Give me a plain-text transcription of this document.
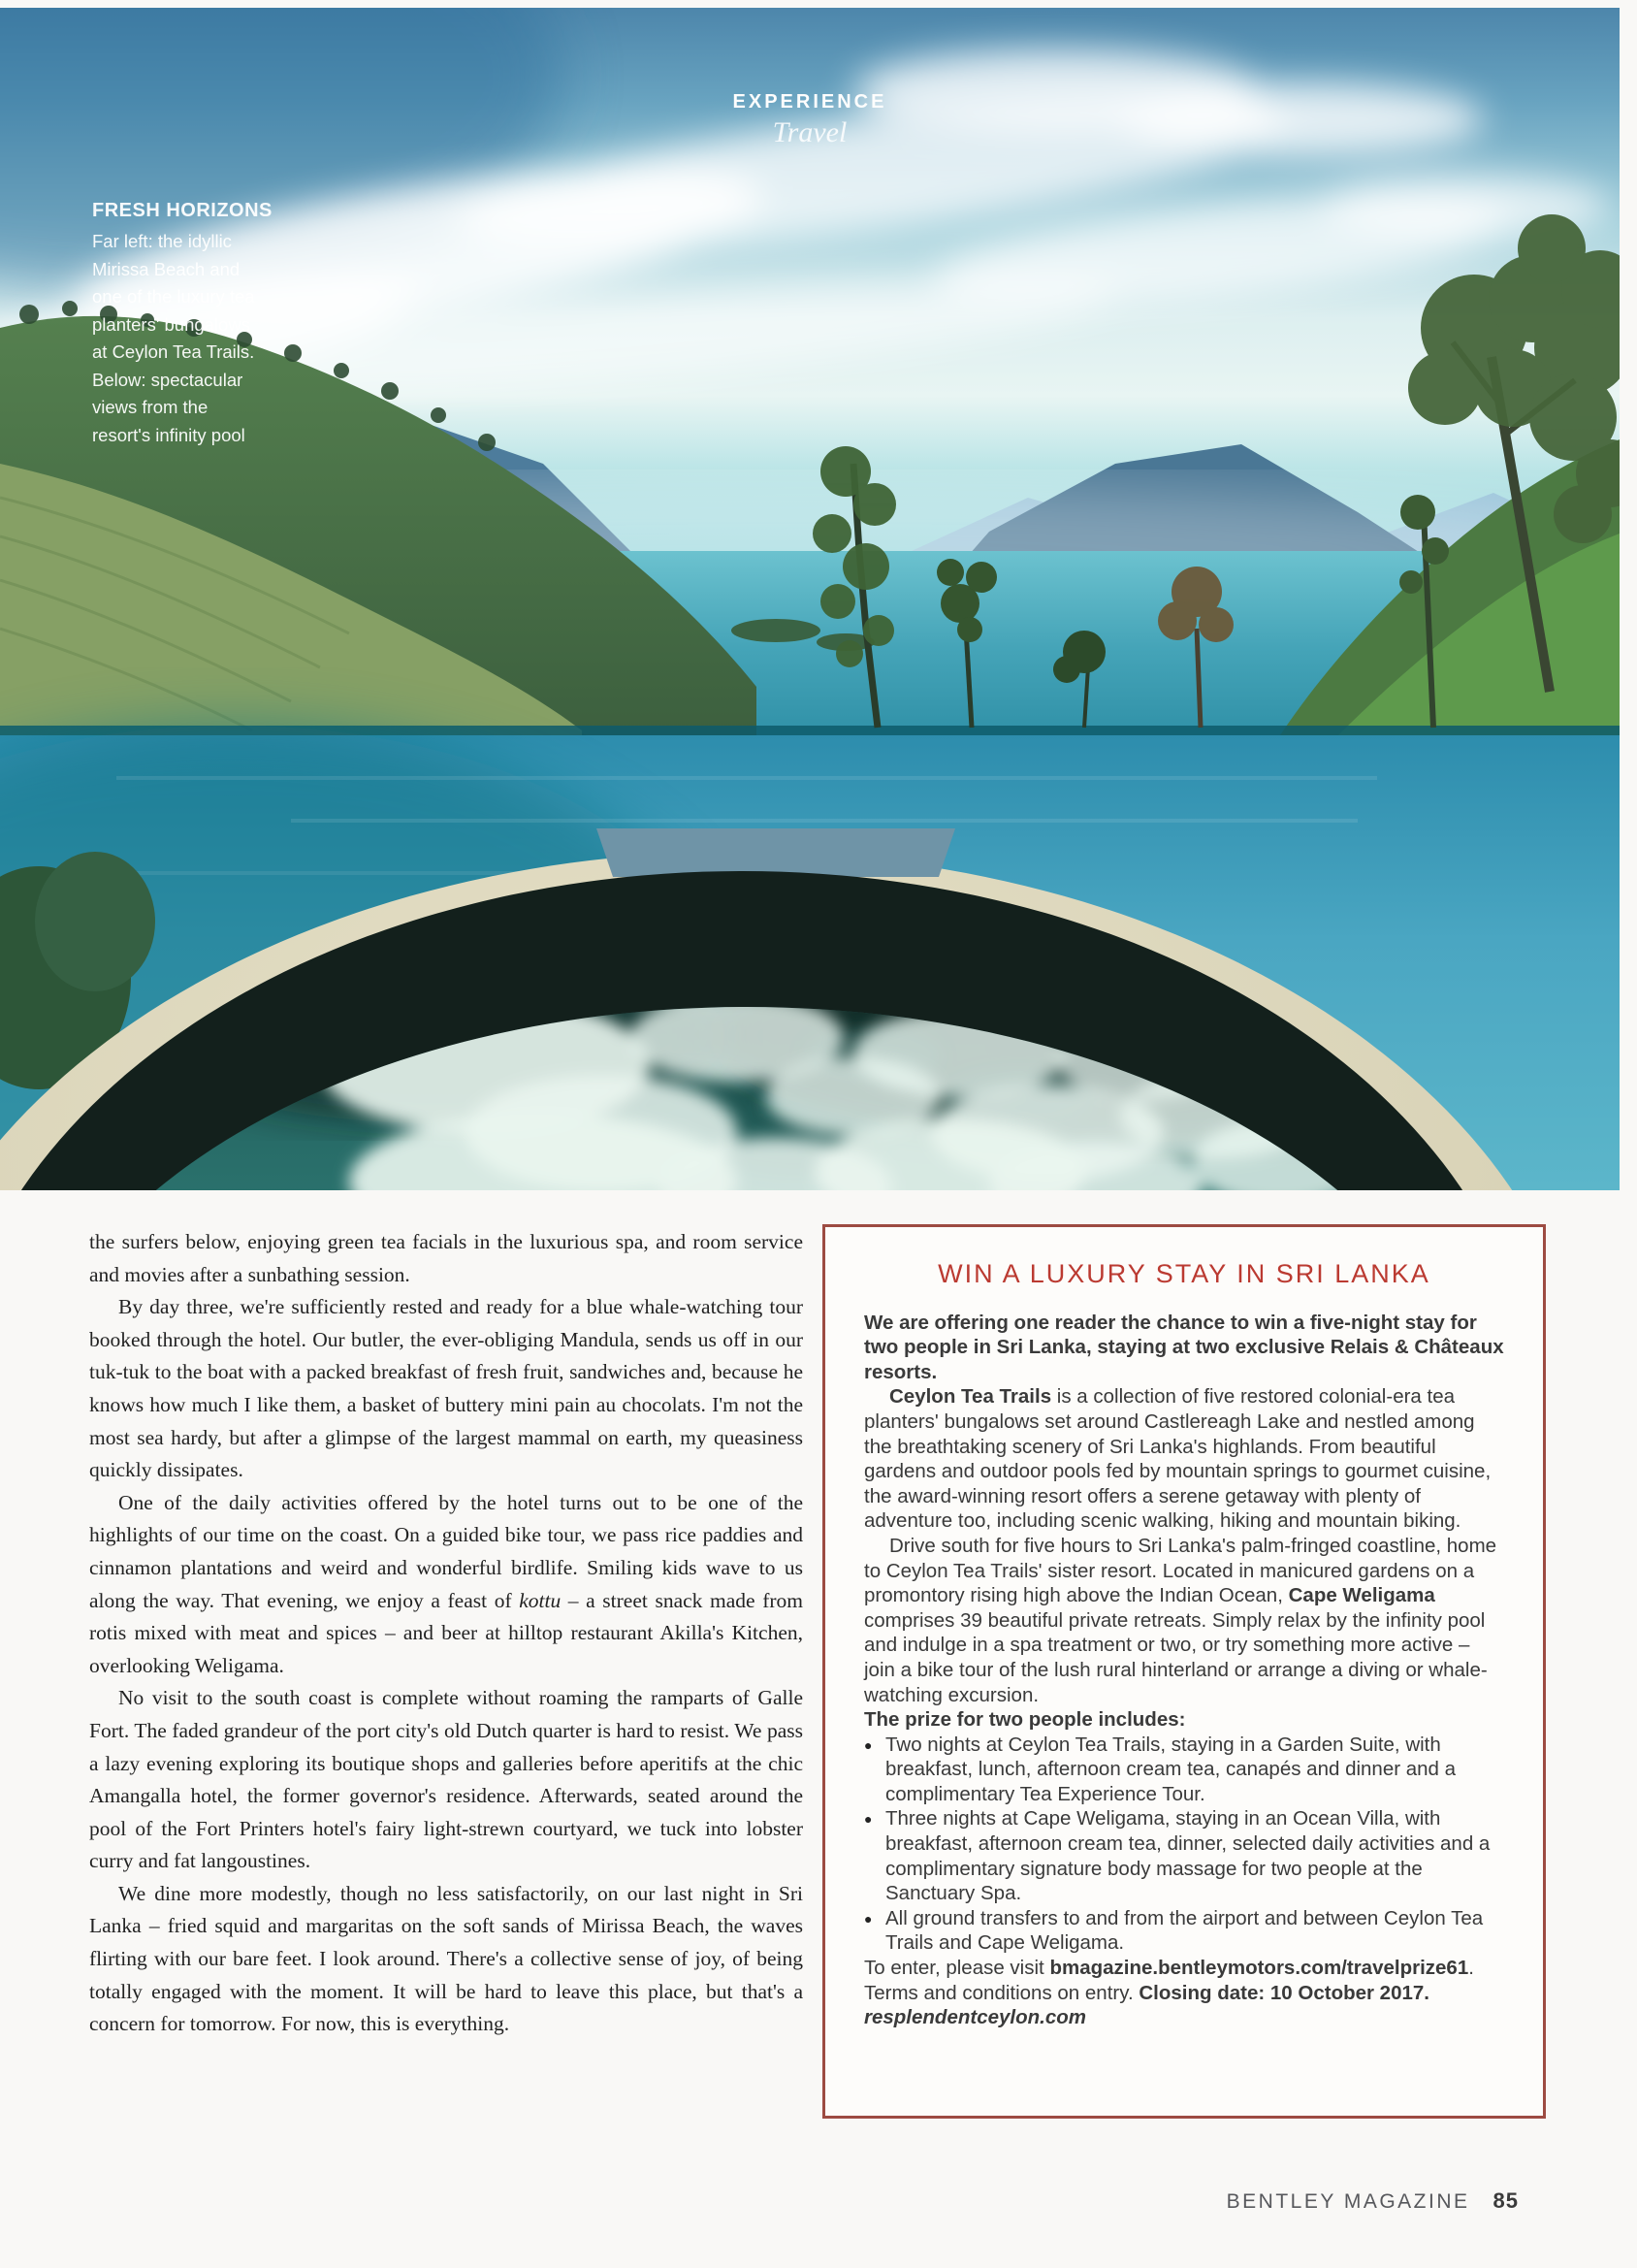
EXPERIENCE
Travel
FRESH HORIZONS
Far left: the idyllic
Mirissa Beach and
one of the luxury tea
planters' bungalows
at Ceylon Tea Trails.
Below: spectacular
views from the
resort's infinity pool

the surfers below, enjoying green tea facials in the luxurious spa, and room service and movies after a sunbathing session.

By day three, we're sufficiently rested and ready for a blue whale-watching tour booked through the hotel. Our butler, the ever-obliging Mandula, sends us off in our tuk-tuk to the boat with a packed breakfast of fresh fruit, sandwiches and, because he knows how much I like them, a basket of buttery mini pain au chocolats. I'm not the most sea hardy, but after a glimpse of the largest mammal on earth, my queasiness quickly dissipates.

One of the daily activities offered by the hotel turns out to be one of the highlights of our time on the coast. On a guided bike tour, we pass rice paddies and cinnamon plantations and weird and wonderful birdlife. Smiling kids wave to us along the way. That evening, we enjoy a feast of kottu – a street snack made from rotis mixed with meat and spices – and beer at hilltop restaurant Akilla's Kitchen, overlooking Weligama.

No visit to the south coast is complete without roaming the ramparts of Galle Fort. The faded grandeur of the port city's old Dutch quarter is hard to resist. We pass a lazy evening exploring its boutique shops and galleries before aperitifs at the chic Amangalla hotel, the former governor's residence. Afterwards, seated around the pool of the Fort Printers hotel's fairy light-strewn courtyard, we tuck into lobster curry and fat langoustines.

We dine more modestly, though no less satisfactorily, on our last night in Sri Lanka – fried squid and margaritas on the soft sands of Mirissa Beach, the waves flirting with our bare feet. I look around. There's a collective sense of joy, of being totally engaged with the moment. It will be hard to leave this place, but that's a concern for tomorrow. For now, this is everything.

WIN A LUXURY STAY IN SRI LANKA

We are offering one reader the chance to win a five-night stay for two people in Sri Lanka, staying at two exclusive Relais & Châteaux resorts.

Ceylon Tea Trails is a collection of five restored colonial-era tea planters' bungalows set around Castlereagh Lake and nestled among the breathtaking scenery of Sri Lanka's highlands. From beautiful gardens and outdoor pools fed by mountain springs to gourmet cuisine, the award-winning resort offers a serene getaway with plenty of adventure too, including scenic walking, hiking and mountain biking.

Drive south for five hours to Sri Lanka's palm-fringed coastline, home to Ceylon Tea Trails' sister resort. Located in manicured gardens on a promontory rising high above the Indian Ocean, Cape Weligama comprises 39 beautiful private retreats. Simply relax by the infinity pool and indulge in a spa treatment or two, or try something more active – join a bike tour of the lush rural hinterland or arrange a diving or whale-watching excursion.

The prize for two people includes:

● Two nights at Ceylon Tea Trails, staying in a Garden Suite, with breakfast, lunch, afternoon cream tea, canapés and dinner and a complimentary Tea Experience Tour.
● Three nights at Cape Weligama, staying in an Ocean Villa, with breakfast, afternoon cream tea, dinner, selected daily activities and a complimentary signature body massage for two people at the Sanctuary Spa.
● All ground transfers to and from the airport and between Ceylon Tea Trails and Cape Weligama.

To enter, please visit bmagazine.bentleymotors.com/travelprize61. Terms and conditions on entry. Closing date: 10 October 2017.

resplendentceylon.com

BENTLEY MAGAZINE 85
